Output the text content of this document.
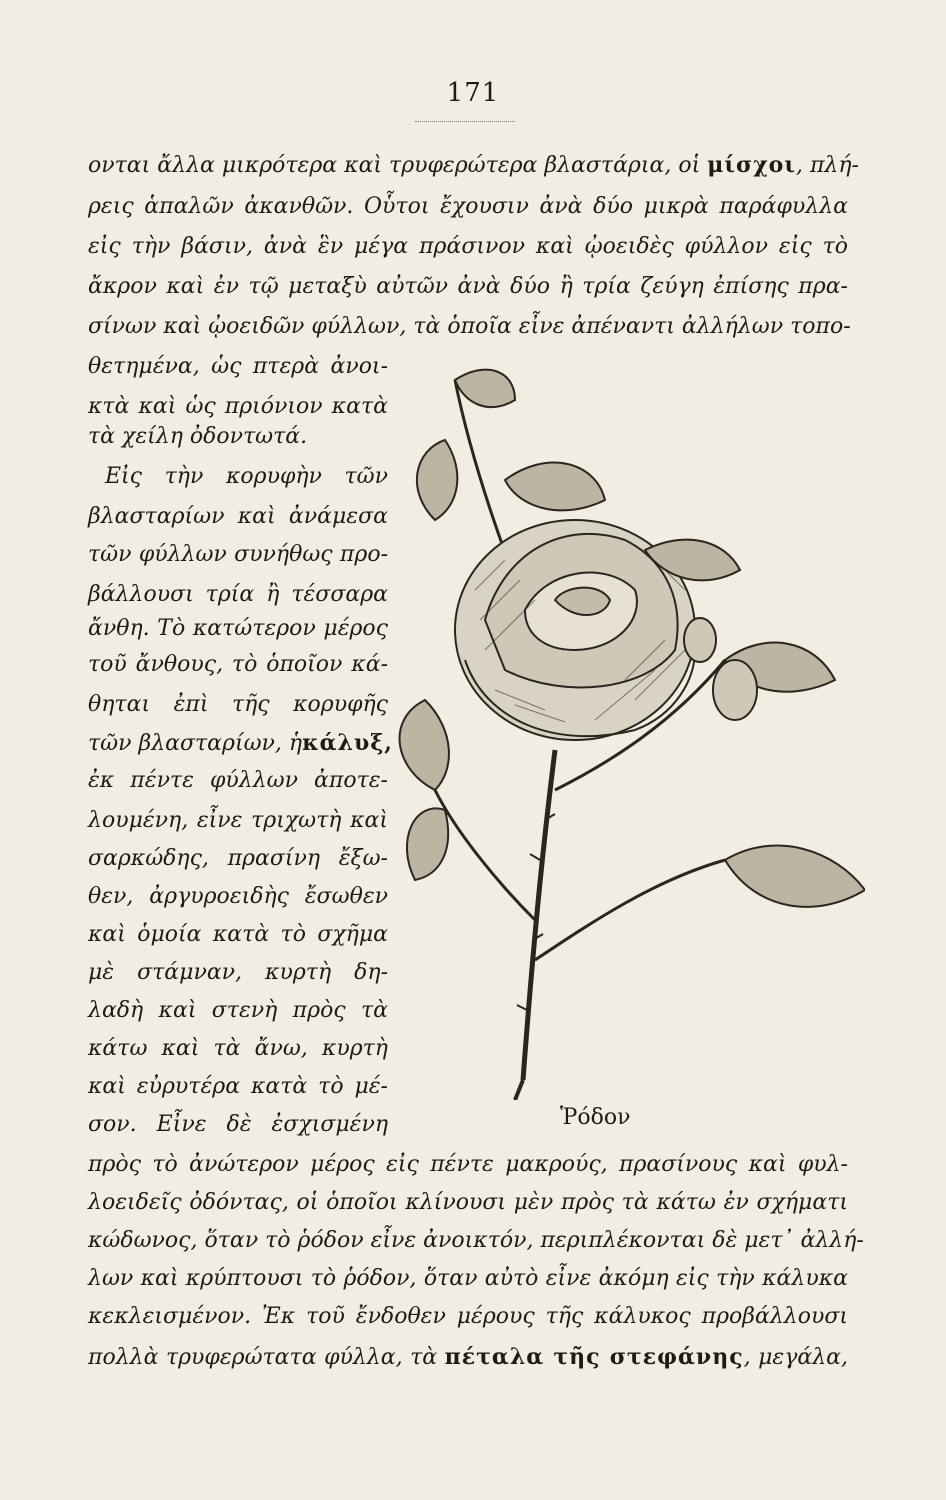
171
ονται ἄλλα μικρότερα καὶ τρυφερώτερα βλαστάρια, οἱ μίσχοι, πλή-
ρεις ἁπαλῶν ἀκανθῶν. Οὗτοι ἔχουσιν ἀνὰ δύο μικρὰ παράφυλλα
εἰς τὴν βάσιν, ἀνὰ ἓν μέγα πράσινον καὶ ᾠοειδὲς φύλλον εἰς τὸ
ἄκρον καὶ ἐν τῷ μεταξὺ αὐτῶν ἀνὰ δύο ἢ τρία ζεύγη ἐπίσης πρα-
σίνων καὶ ᾠοειδῶν φύλλων, τὰ ὁποῖα εἶνε ἀπέναντι ἀλλήλων τοπο-
θετημένα, ὡς πτερὰ ἀνοι-
κτὰ καὶ ὡς πριόνιον κατὰ
τὰ χείλη ὀδοντωτά.
Εἰς τὴν κορυφὴν τῶν
βλασταρίων καὶ ἀνάμεσα
τῶν φύλλων συνήθως προ-
βάλλουσι τρία ἢ τέσσαρα
ἄνθη. Τὸ κατώτερον μέρος
τοῦ ἄνθους, τὸ ὁποῖον κά-
θηται ἐπὶ τῆς κορυφῆς
τῶν βλασταρίων, ἡκάλυξ,
ἐκ πέντε φύλλων ἀποτε-
λουμένη, εἶνε τριχωτὴ καὶ
σαρκώδης, πρασίνη ἔξω-
θεν, ἀργυροειδὴς ἔσωθεν
καὶ ὁμοία κατὰ τὸ σχῆμα
μὲ στάμναν, κυρτὴ δη-
λαδὴ καὶ στενὴ πρὸς τὰ
κάτω καὶ τὰ ἄνω, κυρτὴ
καὶ εὐρυτέρα κατὰ τὸ μέ-
σον. Εἶνε δὲ ἐσχισμένη	Ῥόδον
πρὸς τὸ ἀνώτερον μέρος εἰς πέντε μακρούς, πρασίνους καὶ φυλ-
λοειδεῖς ὀδόντας, οἱ ὁποῖοι κλίνουσι μὲν πρὸς τὰ κάτω ἐν σχήματι
κώδωνος, ὅταν τὸ ῥόδον εἶνε ἀνοικτόν, περιπλέκονται δὲ μετ᾽ ἀλλή-
λων καὶ κρύπτουσι τὸ ῥόδον, ὅταν αὐτὸ εἶνε ἀκόμη εἰς τὴν κάλυκα
κεκλεισμένον. Ἐκ τοῦ ἔνδοθεν μέρους τῆς κάλυκος προβάλλουσι
πολλὰ τρυφερώτατα φύλλα, τὰ πέταλα τῆς στεφάνης, μεγάλα,
